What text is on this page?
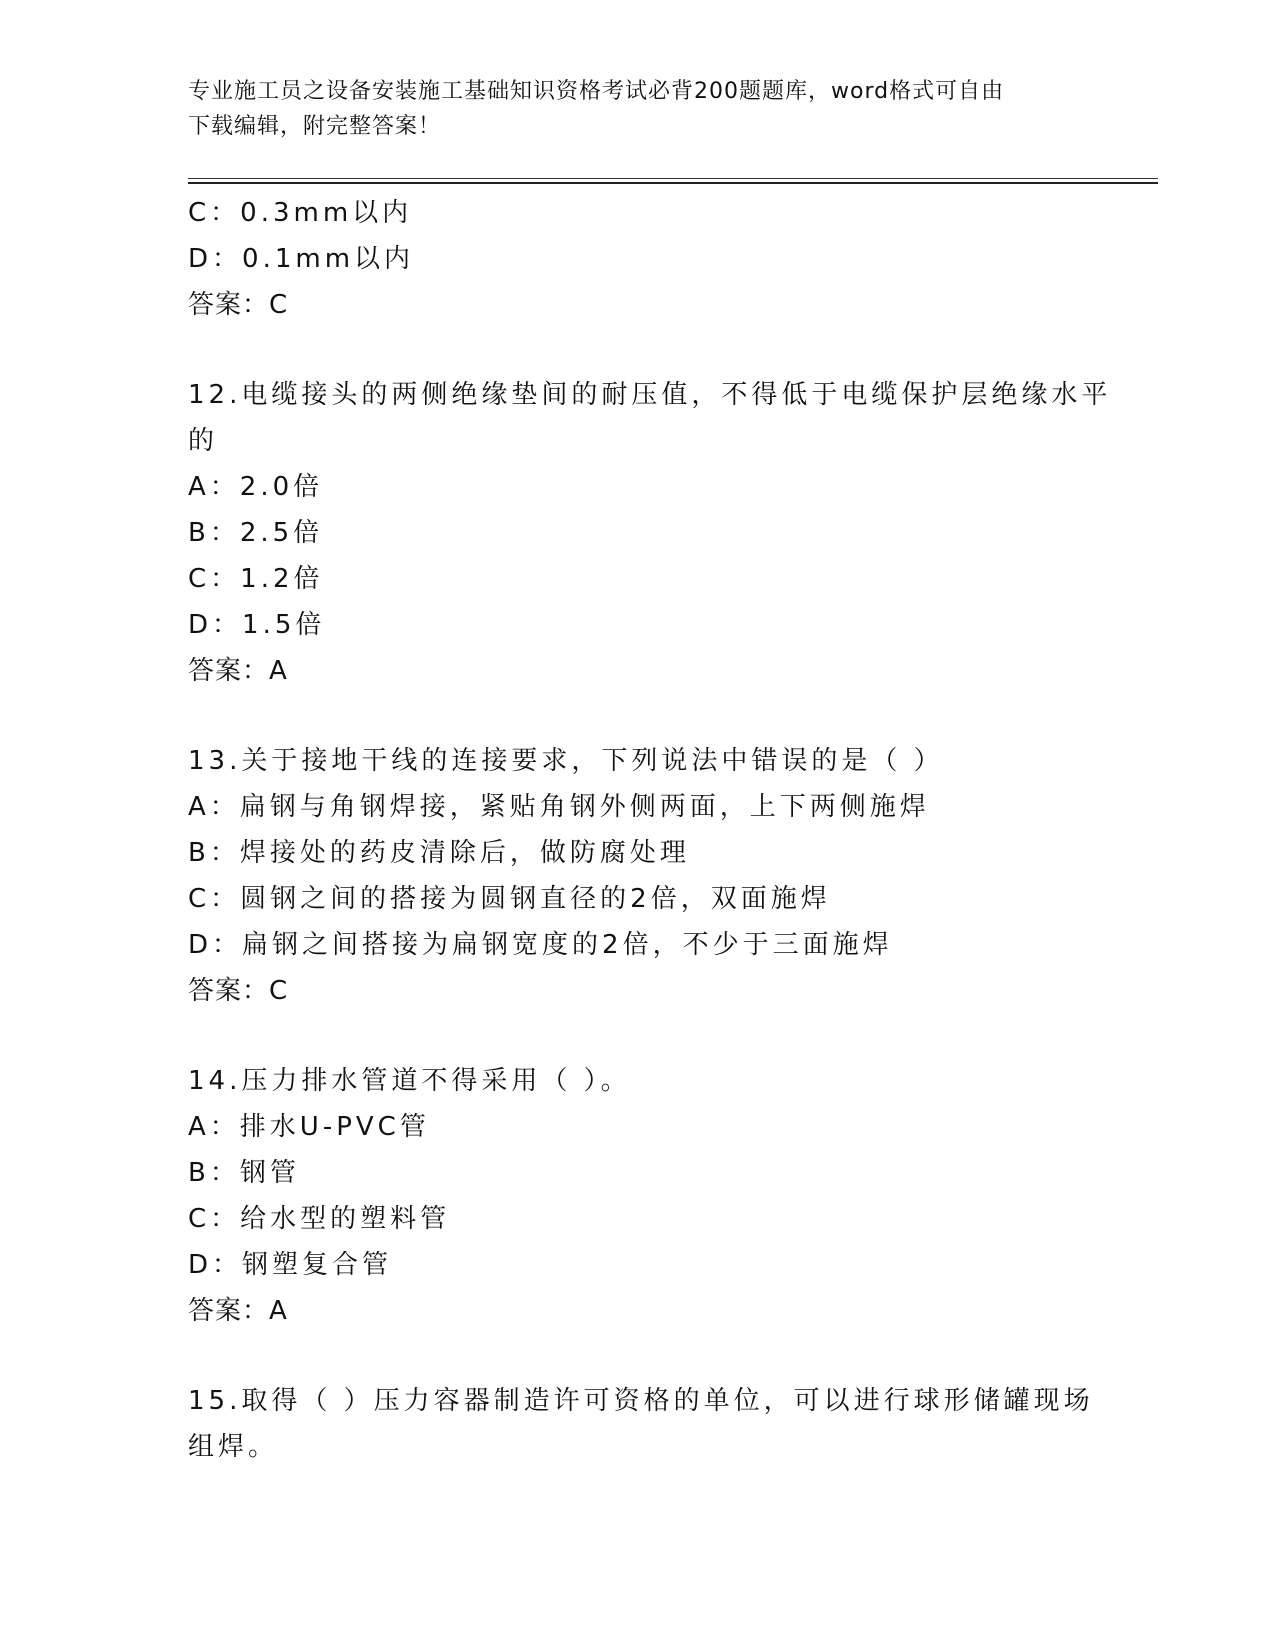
专业施工员之设备安装施工基础知识资格考试必背200题题库，word格式可自由
下载编辑，附完整答案！
C：0.3mm以内
D：0.1mm以内
答案：C
12.电缆接头的两侧绝缘垫间的耐压值，不得低于电缆保护层绝缘水平
的
A：2.0倍
B：2.5倍
C：1.2倍
D：1.5倍
答案：A
13.关于接地干线的连接要求，下列说法中错误的是（ ）
A：扁钢与角钢焊接，紧贴角钢外侧两面，上下两侧施焊
B：焊接处的药皮清除后，做防腐处理
C：圆钢之间的搭接为圆钢直径的2倍，双面施焊
D：扁钢之间搭接为扁钢宽度的2倍，不少于三面施焊
答案：C
14.压力排水管道不得采用（ ）。
A：排水U-PVC管
B：钢管
C：给水型的塑料管
D：钢塑复合管
答案：A
15.取得（ ）压力容器制造许可资格的单位，可以进行球形储罐现场
组焊。
